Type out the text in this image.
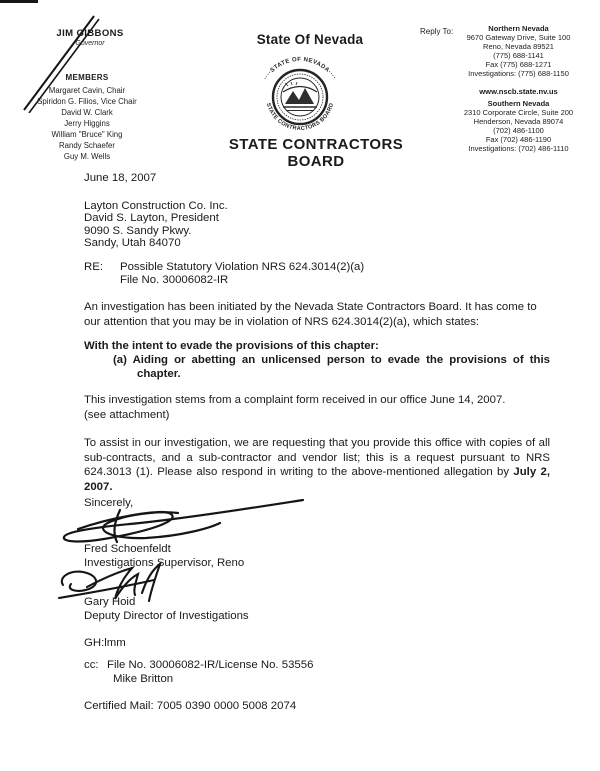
JIM GIBBONS
Governor
MEMBERS
Margaret Cavin, Chair
Spiridon G. Filios, Vice Chair
David W. Clark
Jerry Higgins
William "Bruce" King
Randy Schaefer
Guy M. Wells
State Of Nevada
····STATE OF NEVADA····
STATE CONTRACTORS BOARD
STATE CONTRACTORS BOARD
Reply To:	Northern Nevada
9670 Gateway Drive, Suite 100
Reno, Nevada 89521
(775) 688-1141
Fax (775) 688-1271
Investigations: (775) 688-1150
www.nscb.state.nv.us
Southern Nevada
2310 Corporate Circle, Suite 200
Henderson, Nevada 89074
(702) 486-1100
Fax (702) 486-1190
Investigations: (702) 486-1110
June 18, 2007
Layton Construction Co. Inc.
David S. Layton, President
9090 S. Sandy Pkwy.
Sandy, Utah 84070
RE:	Possible Statutory Violation NRS 624.3014(2)(a)
File No. 30006082-IR
An investigation has been initiated by the Nevada State Contractors Board. It has come to our attention that you may be in violation of NRS 624.3014(2)(a), which states:
With the intent to evade the provisions of this chapter:
(a) Aiding or abetting an unlicensed person to evade the provisions of this chapter.
This investigation stems from a complaint form received in our office June 14, 2007.
(see attachment)
To assist in our investigation, we are requesting that you provide this office with copies of all sub-contracts, and a sub-contractor and vendor list; this is a request pursuant to NRS 624.3013 (1). Please also respond in writing to the above-mentioned allegation by July 2, 2007.
Sincerely,
Fred Schoenfeldt
Investigations Supervisor, Reno
Gary Hoid
Deputy Director of Investigations
GH:lmm
cc: File No. 30006082-IR/License No. 53556
Mike Britton
Certified Mail: 7005 0390 0000 5008 2074
